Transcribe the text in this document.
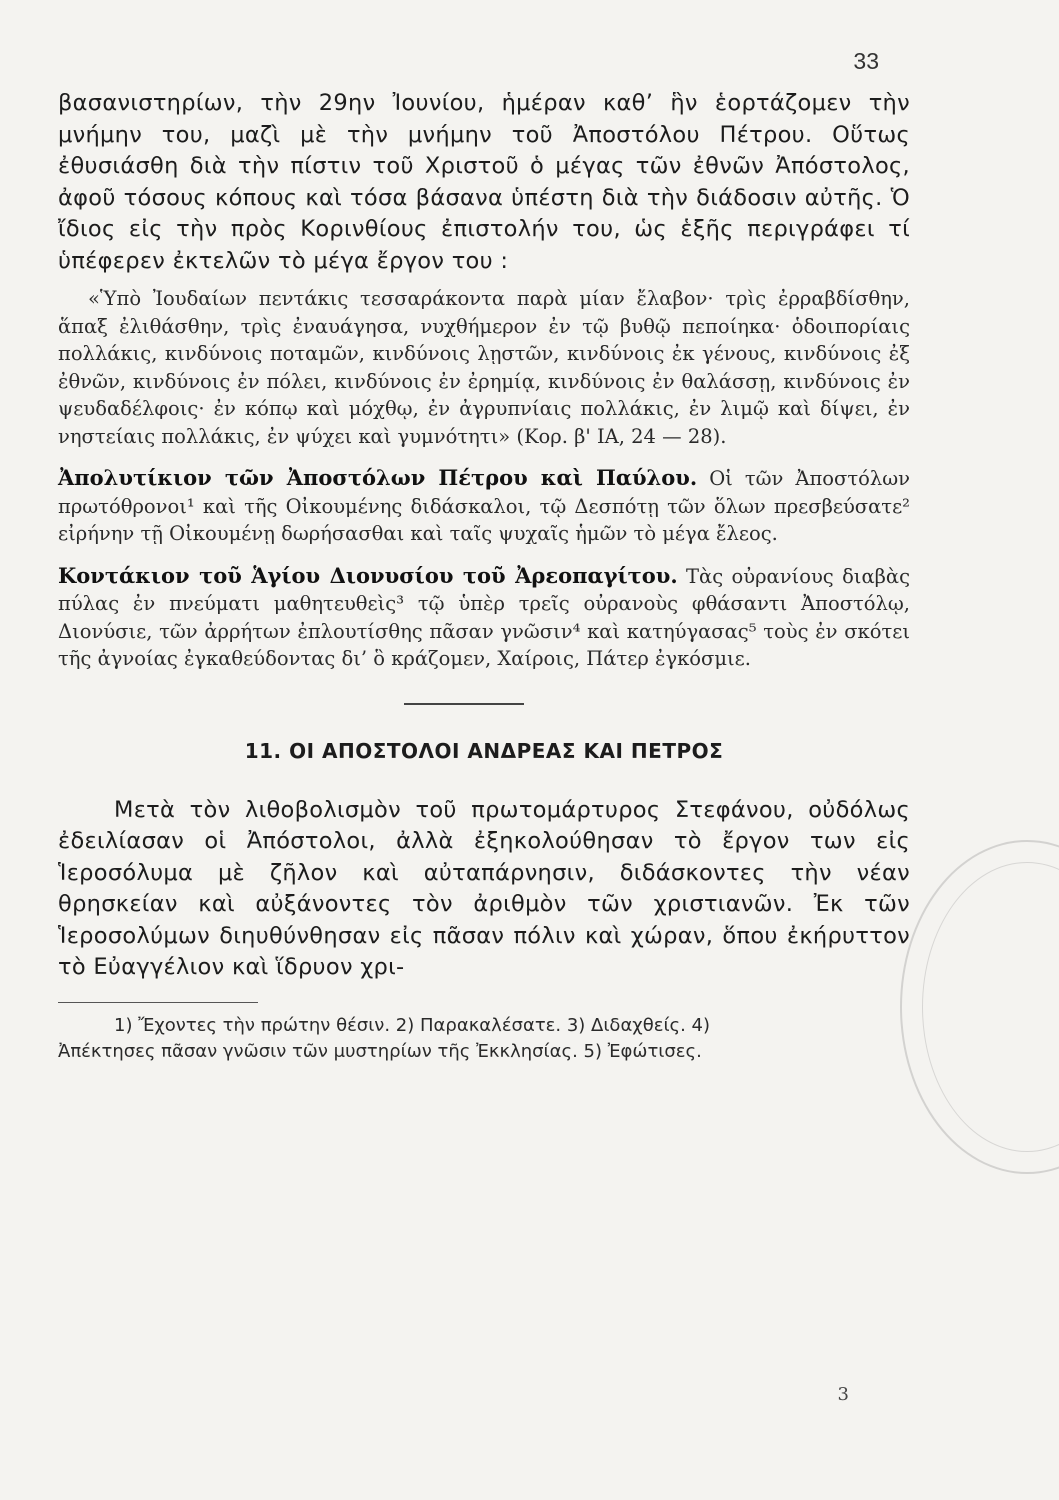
33

βασανιστηρίων, τὴν 29ην Ἰουνίου, ἡμέραν καθ’ ἣν ἑορτάζομεν τὴν μνήμην του, μαζὶ μὲ τὴν μνήμην τοῦ Ἀποστόλου Πέτρου. Οὕτως ἐθυσιάσθη διὰ τὴν πίστιν τοῦ Χριστοῦ ὁ μέγας τῶν ἐθνῶν Ἀπόστολος, ἀφοῦ τόσους κόπους καὶ τόσα βάσανα ὑπέστη διὰ τὴν διάδοσιν αὐτῆς. Ὁ ἴδιος εἰς τὴν πρὸς Κορινθίους ἐπιστολήν του, ὡς ἑξῆς περιγράφει τί ὑπέφερεν ἐκτελῶν τὸ μέγα ἔργον του :

«Ὑπὸ Ἰουδαίων πεντάκις τεσσαράκοντα παρὰ μίαν ἔλαβον· τρὶς ἐρραβδίσθην, ἅπαξ ἐλιθάσθην, τρὶς ἐναυάγησα, νυχθήμερον ἐν τῷ βυθῷ πεποίηκα· ὁδοιπορίαις πολλάκις, κινδύνοις ποταμῶν, κινδύνοις λῃστῶν, κινδύνοις ἐκ γένους, κινδύνοις ἐξ ἐθνῶν, κινδύνοις ἐν πόλει, κινδύνοις ἐν ἐρημίᾳ, κινδύνοις ἐν θαλάσσῃ, κινδύνοις ἐν ψευδαδέλφοις· ἐν κόπῳ καὶ μόχθῳ, ἐν ἀγρυπνίαις πολλάκις, ἐν λιμῷ καὶ δίψει, ἐν νηστείαις πολλάκις, ἐν ψύχει καὶ γυμνότητι» (Κορ. β' ΙΑ, 24 — 28).

Ἀπολυτίκιον τῶν Ἀποστόλων Πέτρου καὶ Παύλου. Οἱ τῶν Ἀποστόλων πρωτόθρονοι¹ καὶ τῆς Οἰκουμένης διδάσκαλοι, τῷ Δεσπότῃ τῶν ὅλων πρεσβεύσατε² εἰρήνην τῇ Οἰκουμένῃ δωρήσασθαι καὶ ταῖς ψυχαῖς ἡμῶν τὸ μέγα ἔλεος.

Κοντάκιον τοῦ Ἁγίου Διονυσίου τοῦ Ἀρεοπαγίτου. Τὰς οὐρανίους διαβὰς πύλας ἐν πνεύματι μαθητευθεὶς³ τῷ ὑπὲρ τρεῖς οὐρανοὺς φθάσαντι Ἀποστόλῳ, Διονύσιε, τῶν ἀρρήτων ἐπλουτίσθης πᾶσαν γνῶσιν⁴ καὶ κατηύγασας⁵ τοὺς ἐν σκότει τῆς ἀγνοίας ἐγκαθεύδοντας δι’ ὃ κράζομεν, Χαίροις, Πάτερ ἐγκόσμιε.

11. ΟΙ ΑΠΟΣΤΟΛΟΙ ΑΝΔΡΕΑΣ ΚΑΙ ΠΕΤΡΟΣ

Μετὰ τὸν λιθοβολισμὸν τοῦ πρωτομάρτυρος Στεφάνου, οὐδόλως ἐδειλίασαν οἱ Ἀπόστολοι, ἀλλὰ ἐξηκολούθησαν τὸ ἔργον των εἰς Ἱεροσόλυμα μὲ ζῆλον καὶ αὐταπάρνησιν, διδάσκοντες τὴν νέαν θρησκείαν καὶ αὐξάνοντες τὸν ἀριθμὸν τῶν χριστιανῶν. Ἐκ τῶν Ἱεροσολύμων διηυθύνθησαν εἰς πᾶσαν πόλιν καὶ χώραν, ὅπου ἐκήρυττον τὸ Εὐαγγέλιον καὶ ἵδρυον χρι-

1) Ἔχοντες τὴν πρώτην θέσιν. 2) Παρακαλέσατε. 3) Διδαχθείς. 4)

Ἀπέκτησες πᾶσαν γνῶσιν τῶν μυστηρίων τῆς Ἐκκλησίας. 5) Ἐφώτισες.

3
